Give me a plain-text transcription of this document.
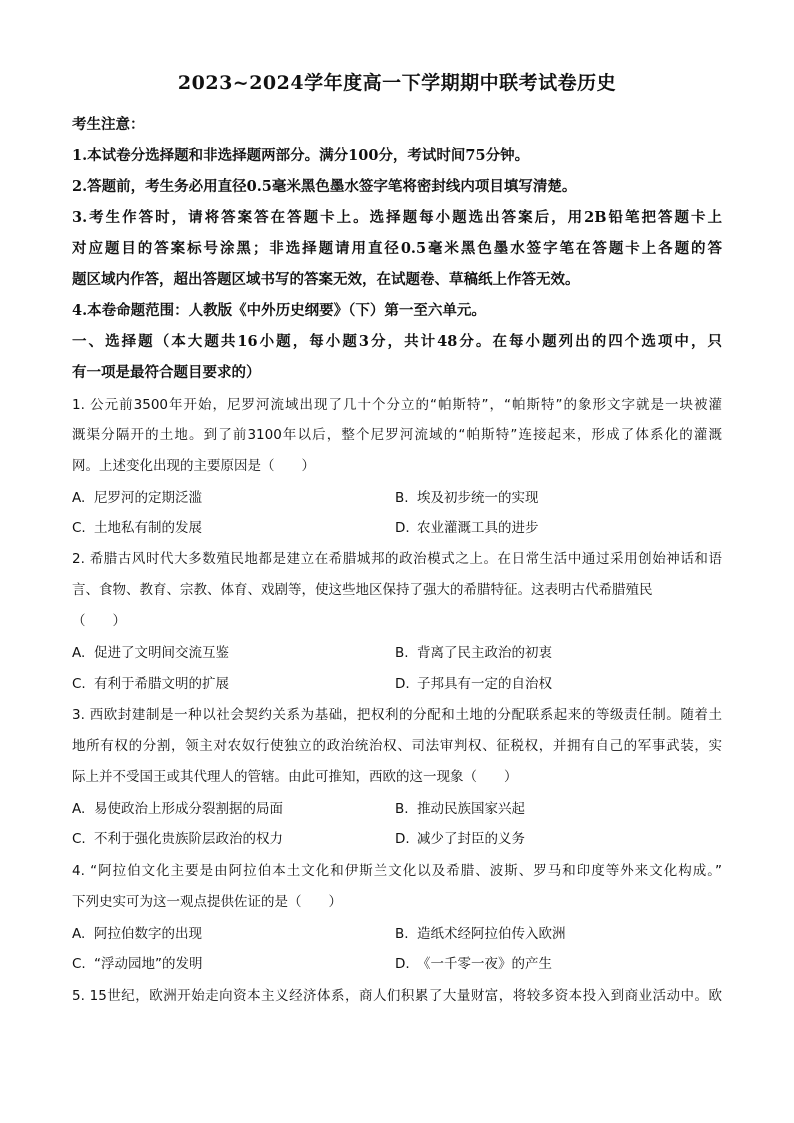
2023~2024学年度高一下学期期中联考试卷历史
考生注意：
1.本试卷分选择题和非选择题两部分。满分100分，考试时间75分钟。
2.答题前，考生务必用直径0.5毫米黑色墨水签字笔将密封线内项目填写清楚。
3.考生作答时，请将答案答在答题卡上。选择题每小题选出答案后，用2B铅笔把答题卡上
对应题目的答案标号涂黑；非选择题请用直径0.5毫米黑色墨水签字笔在答题卡上各题的答
题区域内作答，超出答题区域书写的答案无效，在试题卷、草稿纸上作答无效。
4.本卷命题范围：人教版《中外历史纲要》（下）第一至六单元。
一、选择题（本大题共16小题，每小题3分，共计48分。在每小题列出的四个选项中，只
有一项是最符合题目要求的）
1. 公元前3500年开始，尼罗河流域出现了几十个分立的“帕斯特”，“帕斯特”的象形文字就是一块被灌
溉渠分隔开的土地。到了前3100年以后，整个尼罗河流域的“帕斯特”连接起来，形成了体系化的灌溉
网。上述变化出现的主要原因是（　　）
A. 尼罗河的定期泛滥	B. 埃及初步统一的实现
C. 土地私有制的发展	D. 农业灌溉工具的进步
2. 希腊古风时代大多数殖民地都是建立在希腊城邦的政治模式之上。在日常生活中通过采用创始神话和语
言、食物、教育、宗教、体育、戏剧等，使这些地区保持了强大的希腊特征。这表明古代希腊殖民
（　　）
A. 促进了文明间交流互鉴	B. 背离了民主政治的初衷
C. 有利于希腊文明的扩展	D. 子邦具有一定的自治权
3. 西欧封建制是一种以社会契约关系为基础，把权利的分配和土地的分配联系起来的等级责任制。随着土
地所有权的分割，领主对农奴行使独立的政治统治权、司法审判权、征税权，并拥有自己的军事武装，实
际上并不受国王或其代理人的管辖。由此可推知，西欧的这一现象（　　）
A. 易使政治上形成分裂割据的局面	B. 推动民族国家兴起
C. 不利于强化贵族阶层政治的权力	D. 减少了封臣的义务
4. “阿拉伯文化主要是由阿拉伯本土文化和伊斯兰文化以及希腊、波斯、罗马和印度等外来文化构成。”
下列史实可为这一观点提供佐证的是（　　）
A. 阿拉伯数字的出现	B. 造纸术经阿拉伯传入欧洲
C. “浮动园地”的发明	D. 《一千零一夜》的产生
5. 15世纪，欧洲开始走向资本主义经济体系，商人们积累了大量财富，将较多资本投入到商业活动中。欧
